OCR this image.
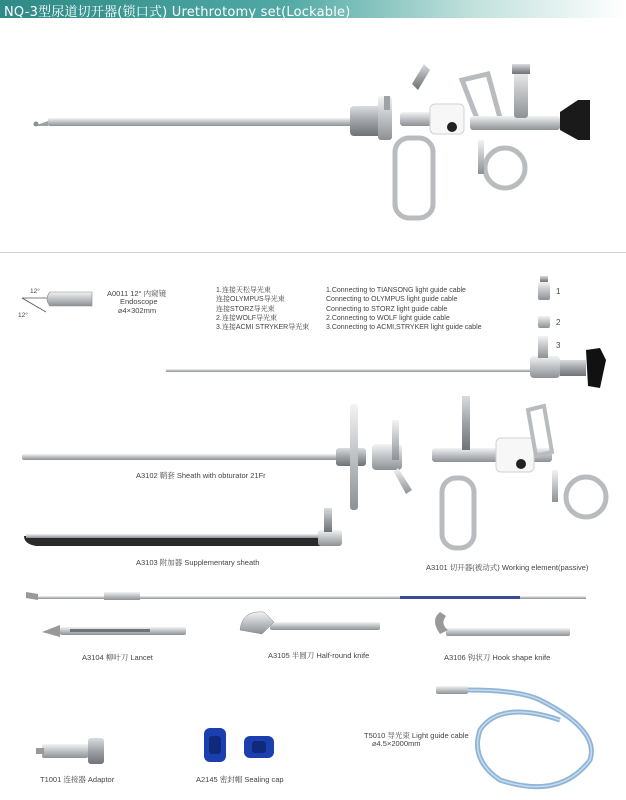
NQ-3型尿道切开器(锁口式) Urethrotomy set(Lockable)
12°
12°
A0011 12° 内窥镜
Endoscope
⌀4×302mm
1.连接天松导光束
连接OLYMPUS导光束
连接STORZ导光束
2.连接WOLF导光束
3.连接ACMI STRYKER导光束
1.Connecting to TIANSONG light guide cable
Connecting to OLYMPUS light guide cable
Connecting to STORZ light guide cable
2.Connecting to WOLF light guide cable
3.Connecting to ACMI,STRYKER light guide cable
1
2
3
A3102 鞘套 Sheath with obturator 21Fr
A3103 附加器 Supplementary sheath
A3101 切开器(被动式) Working element(passive)
A3104 柳叶刀 Lancet	A3105 半圆刀 Half-round knife	A3106 钩状刀 Hook shape knife
T5010 导光束 Light guide cable
⌀4.5×2000mm
T1001 连接器 Adaptor	A2145 密封帽 Sealing cap
